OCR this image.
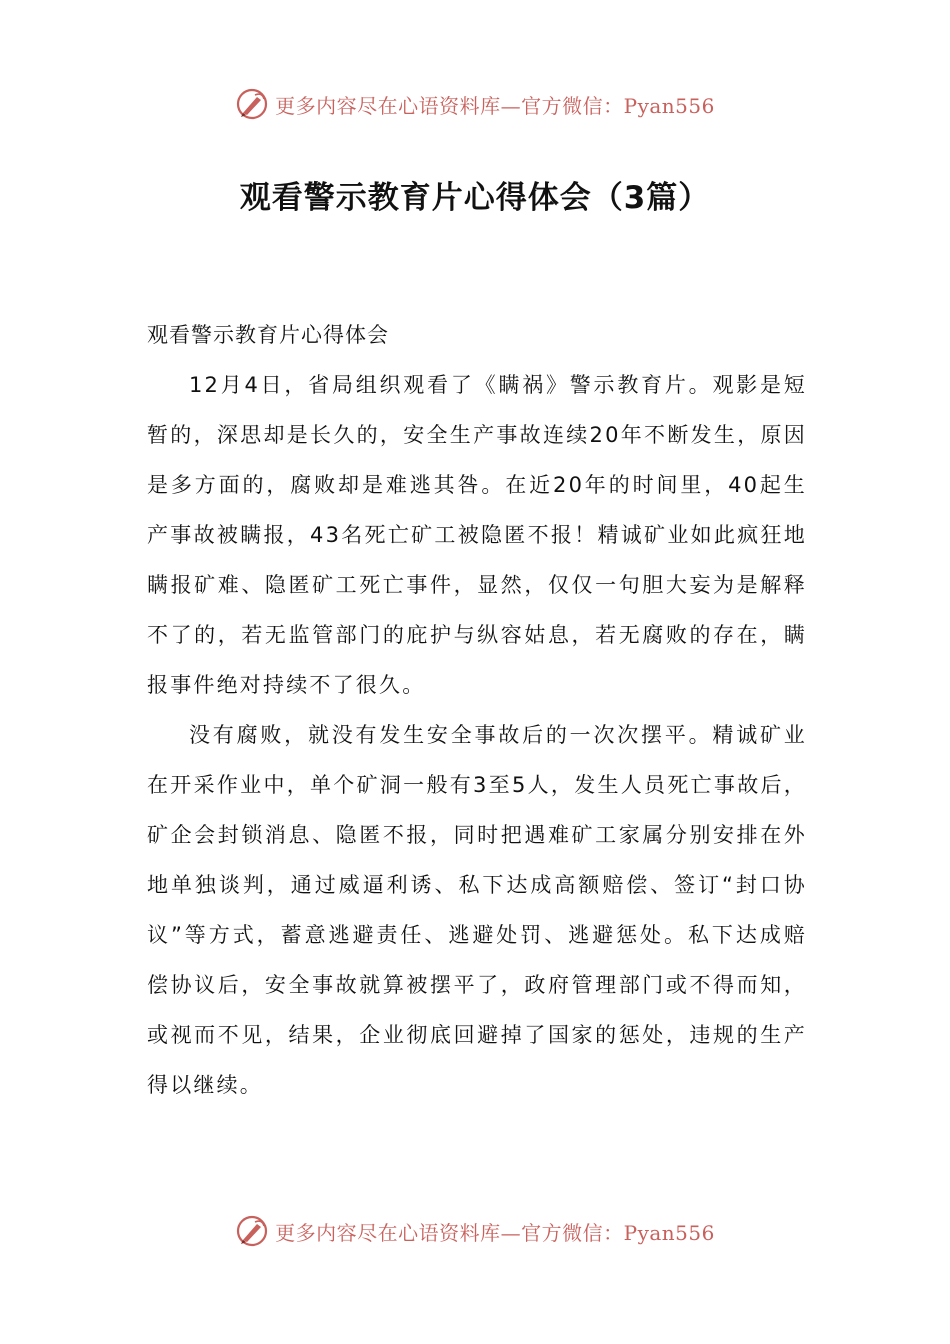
更多内容尽在心语资料库—官方微信：Pyan556
观看警示教育片心得体会（3篇）

观看警示教育片心得体会

12月4日，省局组织观看了《瞒祸》警示教育片。观影是短暂的，深思却是长久的，安全生产事故连续20年不断发生，原因是多方面的，腐败却是难逃其咎。在近20年的时间里，40起生产事故被瞒报，43名死亡矿工被隐匿不报！精诚矿业如此疯狂地瞒报矿难、隐匿矿工死亡事件，显然，仅仅一句胆大妄为是解释不了的，若无监管部门的庇护与纵容姑息，若无腐败的存在，瞒报事件绝对持续不了很久。

没有腐败，就没有发生安全事故后的一次次摆平。精诚矿业在开采作业中，单个矿洞一般有3至5人，发生人员死亡事故后，矿企会封锁消息、隐匿不报，同时把遇难矿工家属分别安排在外地单独谈判，通过威逼利诱、私下达成高额赔偿、签订“封口协议”等方式，蓄意逃避责任、逃避处罚、逃避惩处。私下达成赔偿协议后，安全事故就算被摆平了，政府管理部门或不得而知，或视而不见，结果，企业彻底回避掉了国家的惩处，违规的生产得以继续。

更多内容尽在心语资料库—官方微信：Pyan556
